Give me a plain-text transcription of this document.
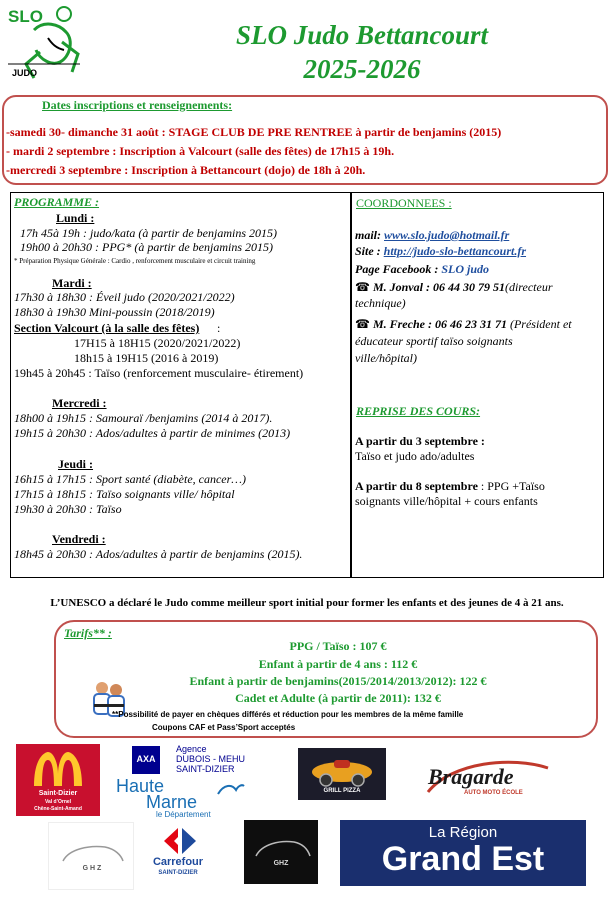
SLO
JUDO
SLO Judo Bettancourt
2025-2026
Dates inscriptions et renseignements:
-samedi 30- dimanche 31 août : STAGE CLUB DE PRE RENTREE à partir de benjamins (2015)
- mardi 2 septembre : Inscription à Valcourt (salle des fêtes) de 17h15 à 19h.
-mercredi 3 septembre : Inscription à Bettancourt (dojo) de 18h à 20h.
PROGRAMME :
Lundi :
17h 45à 19h : judo/kata (à partir de benjamins 2015)
19h00 à 20h30 : PPG* (à partir de benjamins 2015)
* Préparation Physique Générale : Cardio , renforcement musculaire et circuit training
Mardi :
17h30 à 18h30 : Éveil judo (2020/2021/2022)
18h30 à 19h30 Mini-poussin (2018/2019)
Section Valcourt (à la salle des fêtes) :
17H15 à 18H15 (2020/2021/2022)
18h15 à 19H15 (2016 à 2019)
19h45 à 20h45 : Taïso (renforcement musculaire- étirement)
Mercredi :
18h00 à 19h15 : Samouraï /benjamins (2014 à 2017).
19h15 à 20h30 : Ados/adultes à partir de minimes (2013)
Jeudi :
16h15 à 17h15 : Sport santé (diabète, cancer…)
17h15 à 18h15 : Taïso soignants ville/ hôpital
19h30 à 20h30 : Taïso
Vendredi :
18h45 à 20h30 : Ados/adultes à partir de benjamins (2015).
COORDONNEES :
mail: www.slo.judo@hotmail.fr
Site : http://judo-slo-bettancourt.fr
Page Facebook : SLO judo
☎ M. Jonval : 06 44 30 79 51(directeur
technique)
☎ M. Freche : 06 46 23 31 71 (Président et
éducateur sportif taïso soignants
ville/hôpital)
REPRISE DES COURS:
A partir du 3 septembre :
Taïso et judo ado/adultes
A partir du 8 septembre : PPG +Taïso
soignants ville/hôpital + cours enfants
L’UNESCO a déclaré le Judo comme meilleur sport initial pour former les enfants et des jeunes de 4 à 21 ans.
Tarifs** :
PPG / Taïso : 107 €
Enfant à partir de 4 ans : 112 €
Enfant à partir de benjamins(2015/2014/2013/2012): 122 €
Cadet et Adulte (à partir de 2011): 132 €
**Possibilité de payer en chèques différés et réduction pour les membres de la même famille
Coupons CAF et Pass’Sport acceptés
Saint-Dizier
Val d’Ornel
Chêne-Saint-Amand
AXA
Agence
DUBOIS - MEHU
SAINT-DIZIER
Haute
Marne
le Département
GRILL PIZZA
Bragarde
AUTO MOTO ÉCOLE
G H Z
Carrefour
SAINT-DIZIER
GHZ
La Région
Grand Est
